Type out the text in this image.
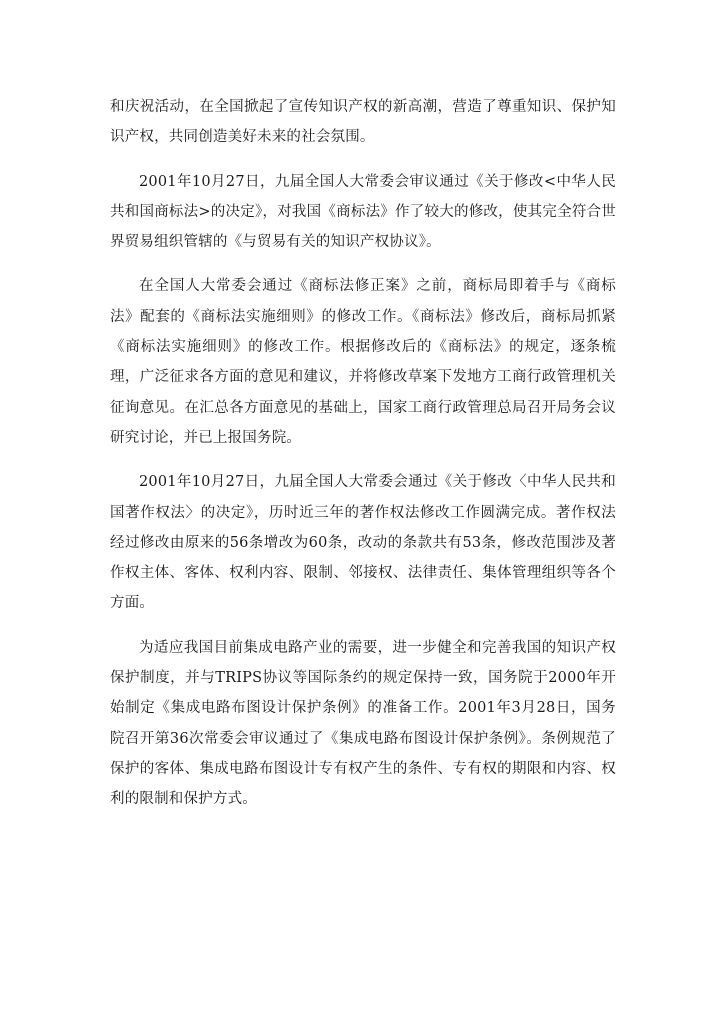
和庆祝活动，在全国掀起了宣传知识产权的新高潮，营造了尊重知识、保护知识产权，共同创造美好未来的社会氛围。

2001年10月27日，九届全国人大常委会审议通过《关于修改<中华人民共和国商标法>的决定》，对我国《商标法》作了较大的修改，使其完全符合世界贸易组织管辖的《与贸易有关的知识产权协议》。

在全国人大常委会通过《商标法修正案》之前，商标局即着手与《商标法》配套的《商标法实施细则》的修改工作。《商标法》修改后，商标局抓紧《商标法实施细则》的修改工作。根据修改后的《商标法》的规定，逐条梳理，广泛征求各方面的意见和建议，并将修改草案下发地方工商行政管理机关征询意见。在汇总各方面意见的基础上，国家工商行政管理总局召开局务会议研究讨论，并已上报国务院。

2001年10月27日，九届全国人大常委会通过《关于修改〈中华人民共和国著作权法〉的决定》，历时近三年的著作权法修改工作圆满完成。著作权法经过修改由原来的56条增改为60条，改动的条款共有53条，修改范围涉及著作权主体、客体、权利内容、限制、邻接权、法律责任、集体管理组织等各个方面。

为适应我国目前集成电路产业的需要，进一步健全和完善我国的知识产权保护制度，并与TRIPS协议等国际条约的规定保持一致，国务院于2000年开始制定《集成电路布图设计保护条例》的准备工作。2001年3月28日，国务院召开第36次常委会审议通过了《集成电路布图设计保护条例》。条例规范了保护的客体、集成电路布图设计专有权产生的条件、专有权的期限和内容、权利的限制和保护方式。
